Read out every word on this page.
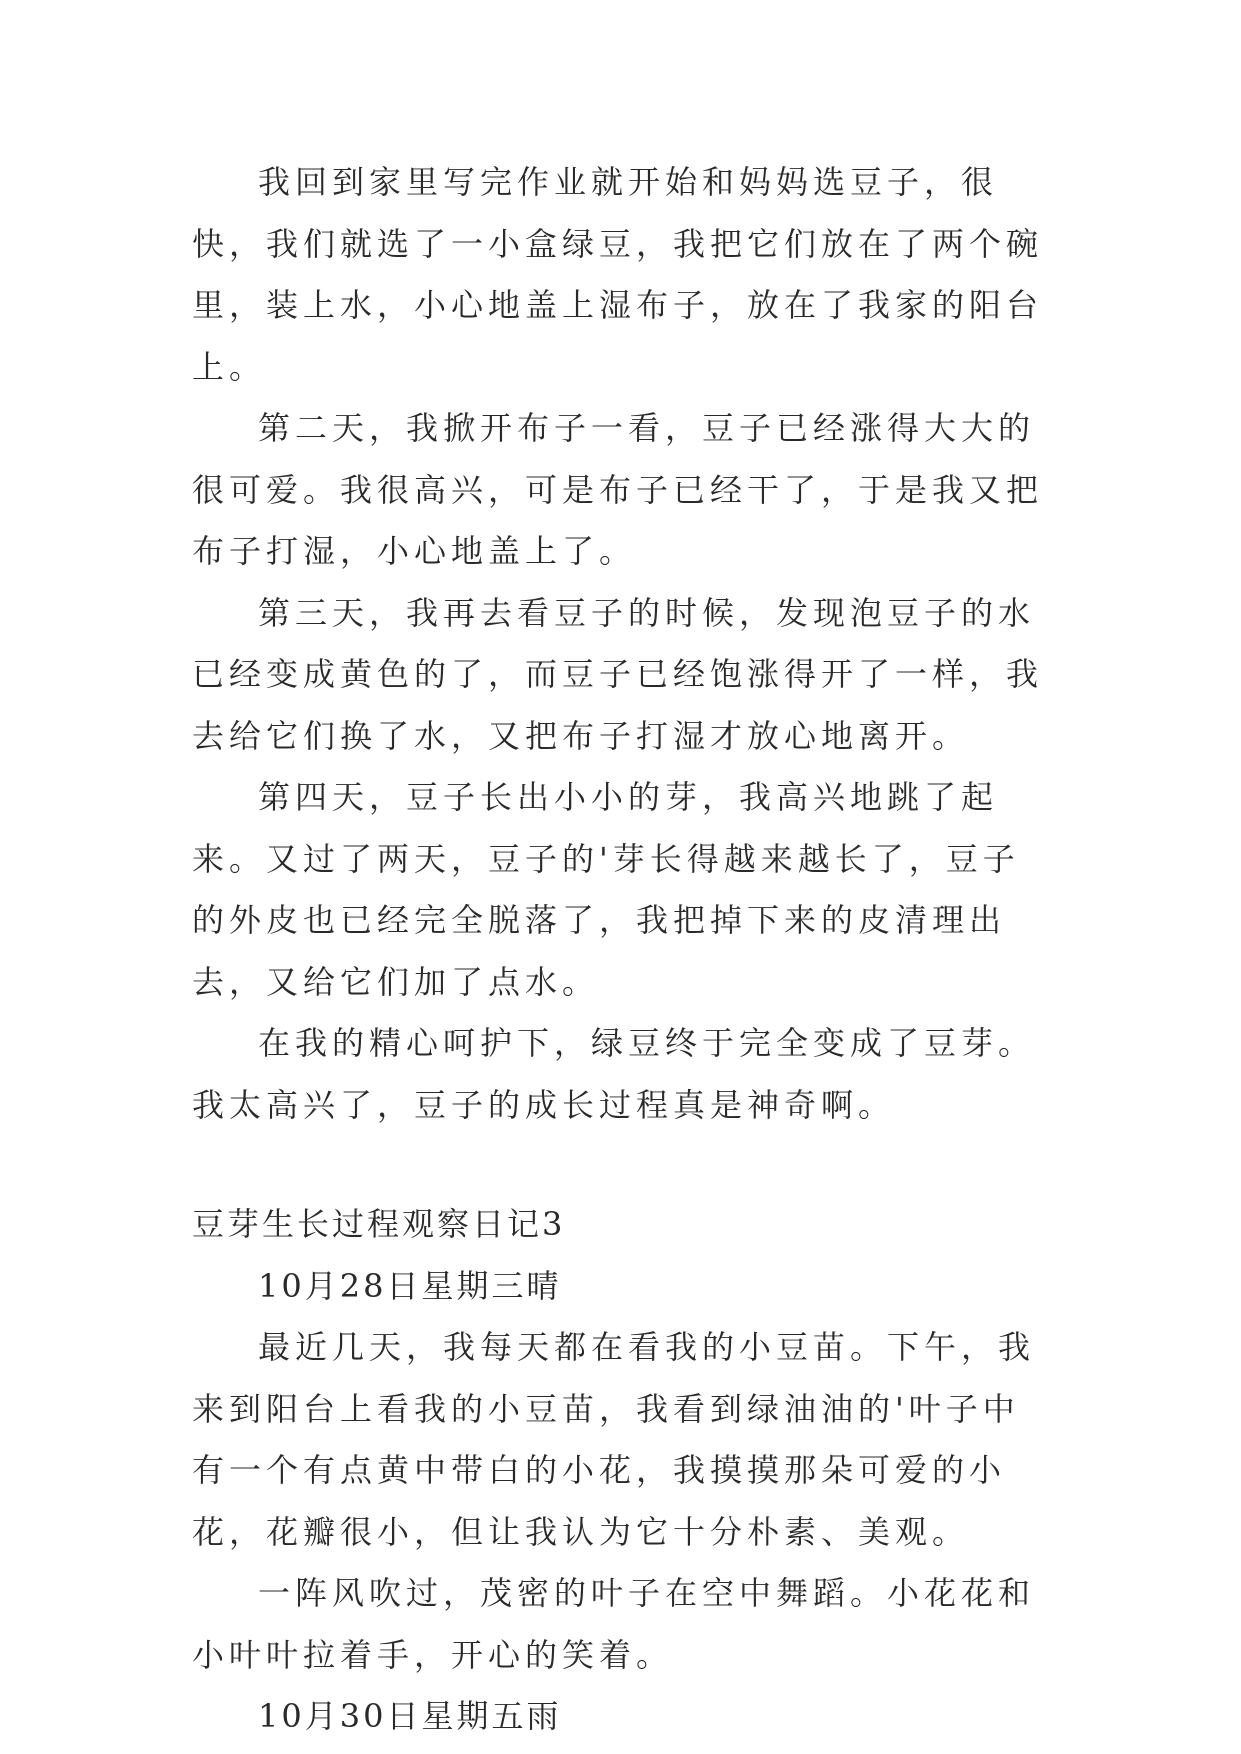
我回到家里写完作业就开始和妈妈选豆子，很快，我们就选了一小盒绿豆，我把它们放在了两个碗里，装上水，小心地盖上湿布子，放在了我家的阳台上。

第二天，我掀开布子一看，豆子已经涨得大大的很可爱。我很高兴，可是布子已经干了，于是我又把布子打湿，小心地盖上了。

第三天，我再去看豆子的时候，发现泡豆子的水已经变成黄色的了，而豆子已经饱涨得开了一样，我去给它们换了水，又把布子打湿才放心地离开。

第四天，豆子长出小小的芽，我高兴地跳了起来。又过了两天，豆子的'芽长得越来越长了，豆子的外皮也已经完全脱落了，我把掉下来的皮清理出去，又给它们加了点水。

在我的精心呵护下，绿豆终于完全变成了豆芽。我太高兴了，豆子的成长过程真是神奇啊。

豆芽生长过程观察日记3

10月28日星期三晴

最近几天，我每天都在看我的小豆苗。下午，我来到阳台上看我的小豆苗，我看到绿油油的'叶子中有一个有点黄中带白的小花，我摸摸那朵可爱的小花，花瓣很小，但让我认为它十分朴素、美观。

一阵风吹过，茂密的叶子在空中舞蹈。小花花和小叶叶拉着手，开心的笑着。

10月30日星期五雨
